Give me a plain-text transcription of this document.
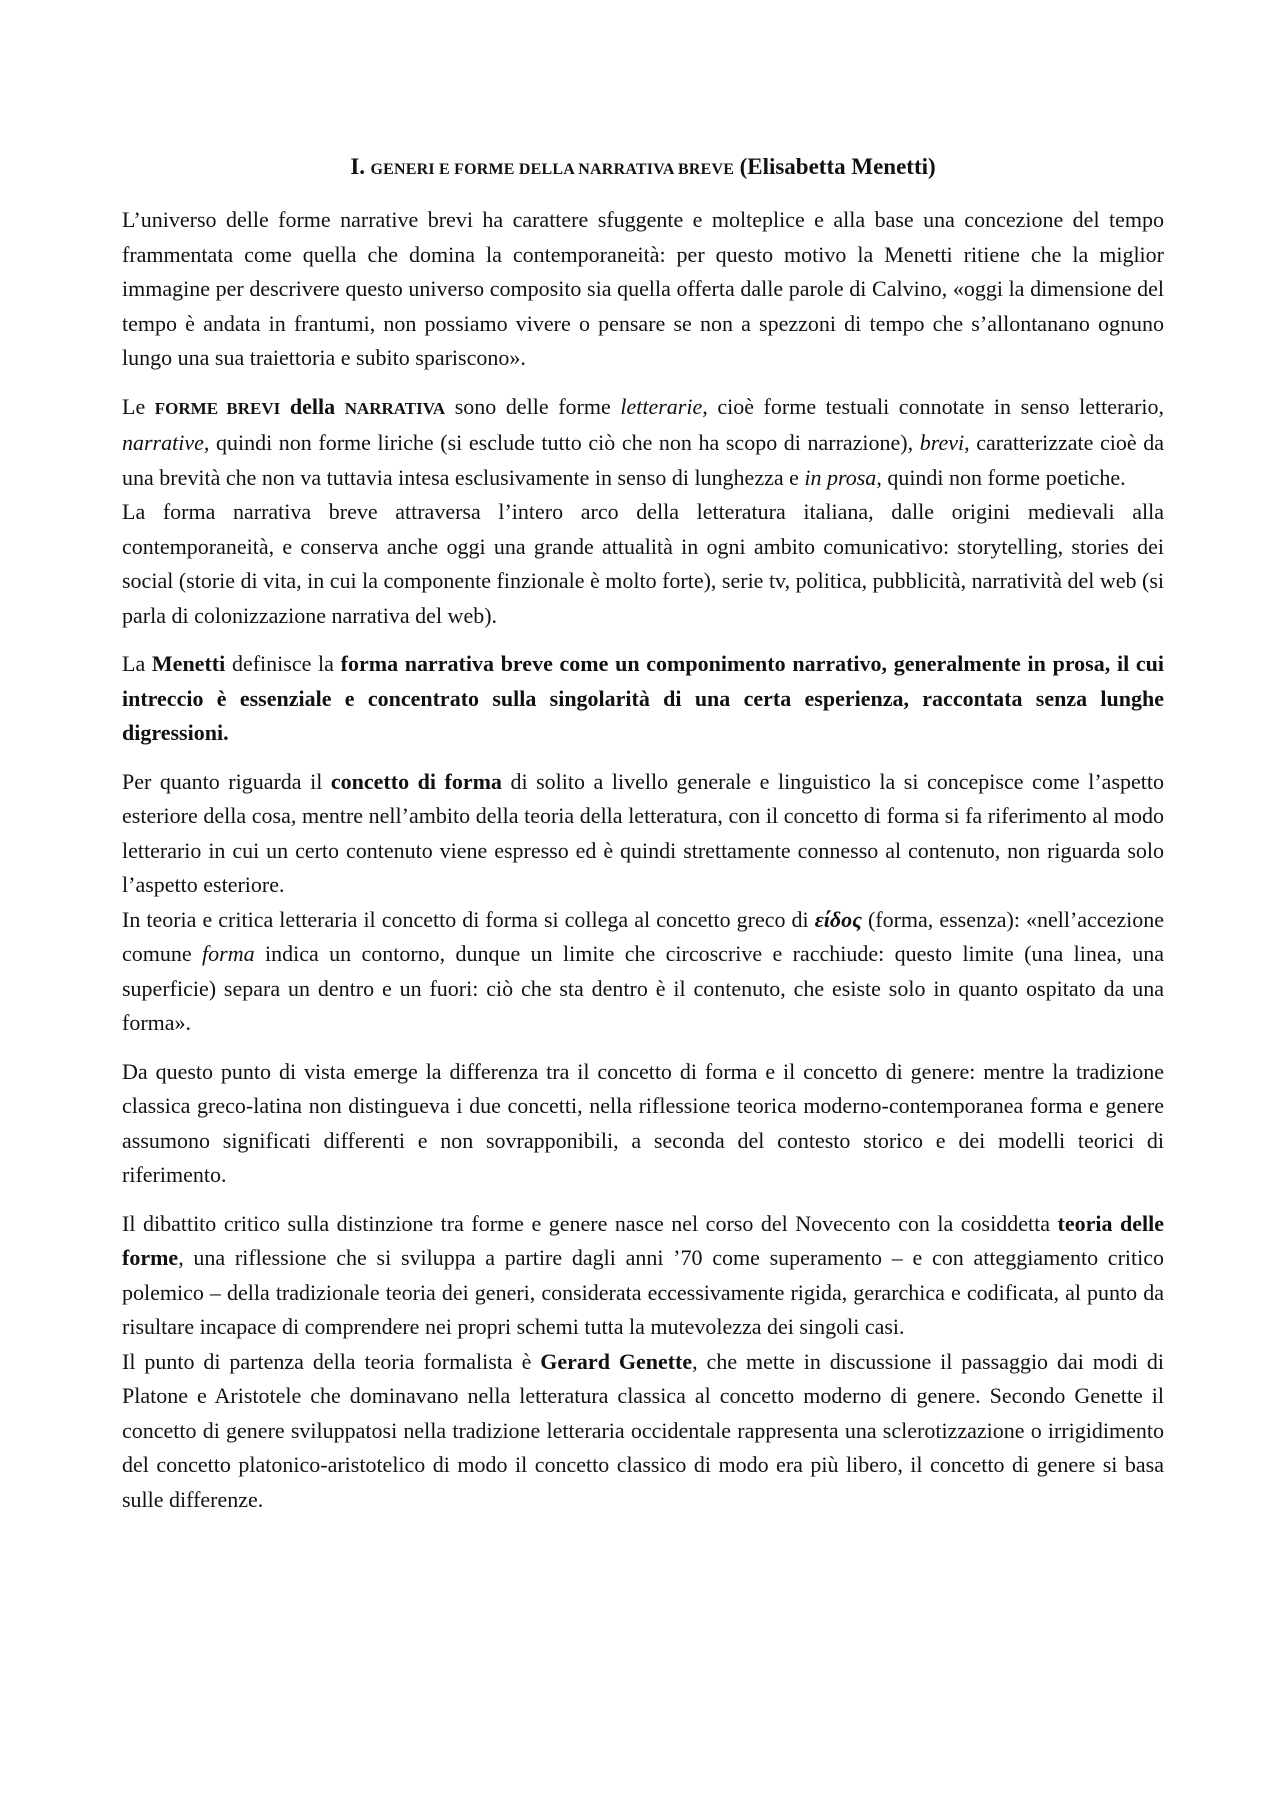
I. GENERI E FORME DELLA NARRATIVA BREVE (Elisabetta Menetti)

L’universo delle forme narrative brevi ha carattere sfuggente e molteplice e alla base una concezione del tempo frammentata come quella che domina la contemporaneità: per questo motivo la Menetti ritiene che la miglior immagine per descrivere questo universo composito sia quella offerta dalle parole di Calvino, «oggi la dimensione del tempo è andata in frantumi, non possiamo vivere o pensare se non a spezzoni di tempo che s’allontanano ognuno lungo una sua traiettoria e subito spariscono».

Le FORME BREVI della NARRATIVA sono delle forme letterarie, cioè forme testuali connotate in senso letterario, narrative, quindi non forme liriche (si esclude tutto ciò che non ha scopo di narrazione), brevi, caratterizzate cioè da una brevità che non va tuttavia intesa esclusivamente in senso di lunghezza e in prosa, quindi non forme poetiche.

La forma narrativa breve attraversa l’intero arco della letteratura italiana, dalle origini medievali alla contemporaneità, e conserva anche oggi una grande attualità in ogni ambito comunicativo: storytelling, stories dei social (storie di vita, in cui la componente finzionale è molto forte), serie tv, politica, pubblicità, narratività del web (si parla di colonizzazione narrativa del web).

La Menetti definisce la forma narrativa breve come un componimento narrativo, generalmente in prosa, il cui intreccio è essenziale e concentrato sulla singolarità di una certa esperienza, raccontata senza lunghe digressioni.

Per quanto riguarda il concetto di forma di solito a livello generale e linguistico la si concepisce come l’aspetto esteriore della cosa, mentre nell’ambito della teoria della letteratura, con il concetto di forma si fa riferimento al modo letterario in cui un certo contenuto viene espresso ed è quindi strettamente connesso al contenuto, non riguarda solo l’aspetto esteriore.

In teoria e critica letteraria il concetto di forma si collega al concetto greco di είδος (forma, essenza): «nell’accezione comune forma indica un contorno, dunque un limite che circoscrive e racchiude: questo limite (una linea, una superficie) separa un dentro e un fuori: ciò che sta dentro è il contenuto, che esiste solo in quanto ospitato da una forma».

Da questo punto di vista emerge la differenza tra il concetto di forma e il concetto di genere: mentre la tradizione classica greco-latina non distingueva i due concetti, nella riflessione teorica moderno-contemporanea forma e genere assumono significati differenti e non sovrapponibili, a seconda del contesto storico e dei modelli teorici di riferimento.

Il dibattito critico sulla distinzione tra forme e genere nasce nel corso del Novecento con la cosiddetta teoria delle forme, una riflessione che si sviluppa a partire dagli anni ’70 come superamento – e con atteggiamento critico polemico – della tradizionale teoria dei generi, considerata eccessivamente rigida, gerarchica e codificata, al punto da risultare incapace di comprendere nei propri schemi tutta la mutevolezza dei singoli casi.

Il punto di partenza della teoria formalista è Gerard Genette, che mette in discussione il passaggio dai modi di Platone e Aristotele che dominavano nella letteratura classica al concetto moderno di genere. Secondo Genette il concetto di genere sviluppatosi nella tradizione letteraria occidentale rappresenta una sclerotizzazione o irrigidimento del concetto platonico-aristotelico di modo il concetto classico di modo era più libero, il concetto di genere si basa sulle differenze.
